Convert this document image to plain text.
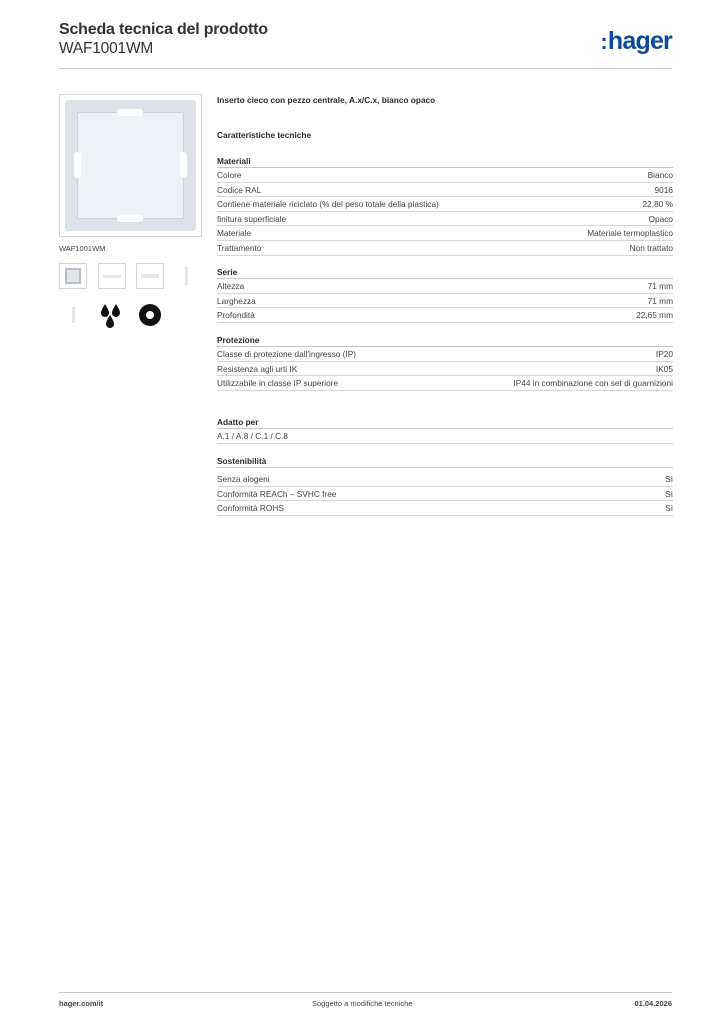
Scheda tecnica del prodotto
WAF1001WM	:hager
WAF1001WM
Inserto cieco con pezzo centrale, A.x/C.x, bianco opaco
Caratteristiche tecniche
Materiali
Colore	Bianco
Codice RAL	9016
Contiene materiale riciclato (% del peso totale della plastica)	22,80 %
finitura superficiale	Opaco
Materiale	Materiale termoplastico
Trattamento	Non trattato
Serie
Altezza	71 mm
Larghezza	71 mm
Profondità	22,65 mm
Protezione
Classe di protezione dall'ingresso (IP)	IP20
Resistenza agli urti IK	IK05
Utilizzabile in classe IP superiore	IP44 in combinazione con set di guarnizioni
Adatto per
A.1 / A.8 / C.1 / C.8
Sostenibilità
Senza alogeni	Sì
Conformità REACh – SVHC free	Sì
Conformità ROHS	Sì
hager.com/it	Soggetto a modifiche tecniche	01.04.2026
